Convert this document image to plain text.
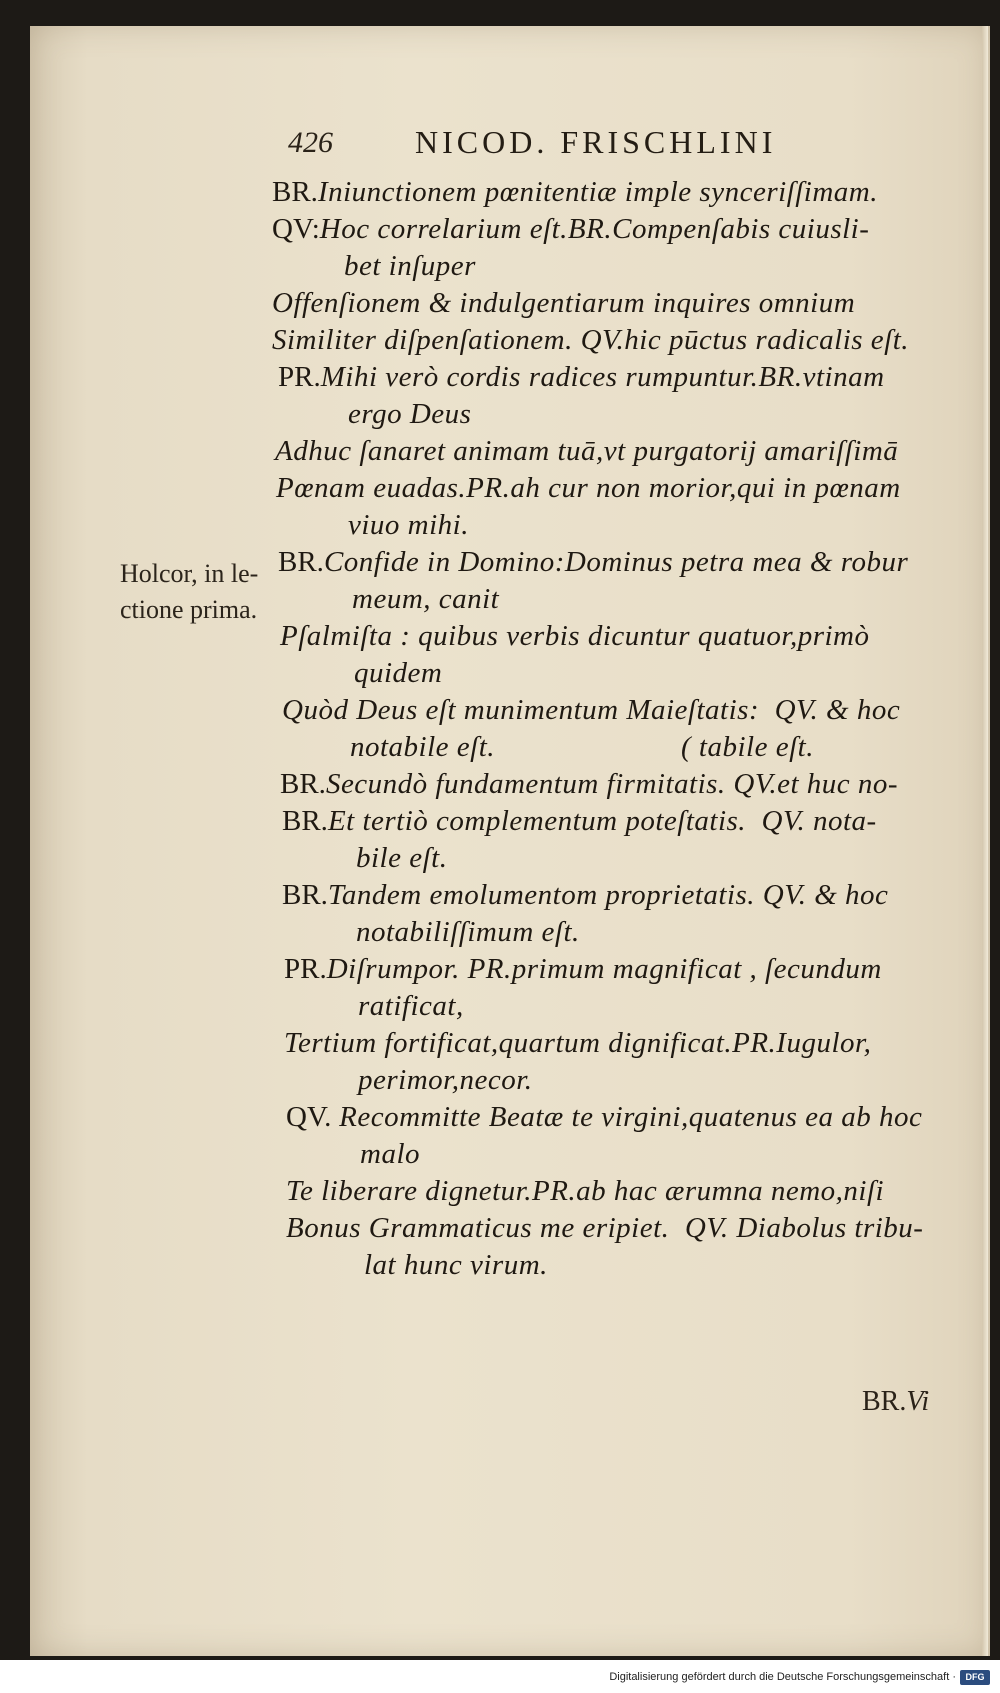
426	NICOD. FRISCHLINI
Holcor, in le-
ctione prima.
BR.Iniunctionem pœnitentiæ imple synceriſſimam.
QV:Hoc correlarium eſt.BR.Compenſabis cuiusli-
bet inſuper
Offenſionem & indulgentiarum inquires omnium
Similiter diſpenſationem. QV.hic pūctus radicalis eſt.
PR.Mihi verò cordis radices rumpuntur.BR.vtinam
ergo Deus
Adhuc ſanaret animam tuā,vt purgatorij amariſſimā
Pœnam euadas.PR.ah cur non morior,qui in pœnam
viuo mihi.
BR.Confide in Domino:Dominus petra mea & robur
meum, canit
Pſalmiſta : quibus verbis dicuntur quatuor,primò
quidem
Quòd Deus eſt munimentum Maieſtatis:  QV. & hoc
notabile eſt.                        ( tabile eſt.
BR.Secundò fundamentum firmitatis. QV.et huc no-
BR.Et tertiò complementum poteſtatis.  QV. nota-
bile eſt.
BR.Tandem emolumentom proprietatis. QV. & hoc
notabiliſſimum eſt.
PR.Diſrumpor. PR.primum magnificat , ſecundum
ratificat,
Tertium fortificat,quartum dignificat.PR.Iugulor,
perimor,necor.
QV. Recommitte Beatæ te virgini,quatenus ea ab hoc
malo
Te liberare dignetur.PR.ab hac ærumna nemo,niſi
Bonus Grammaticus me eripiet.  QV. Diabolus tribu-
lat hunc virum.
BR.Vi
Digitalisierung gefördert durch die Deutsche Forschungsgemeinschaft ·	DFG
